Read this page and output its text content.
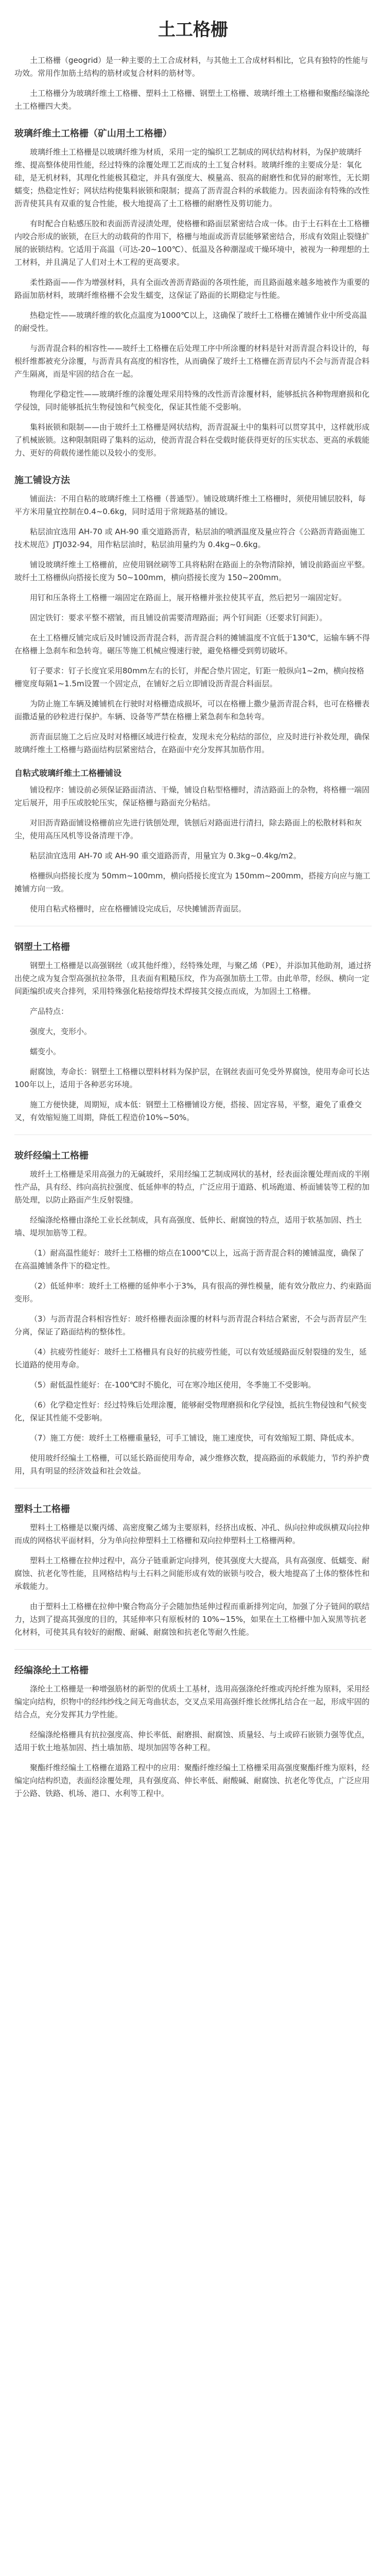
土工格栅

土工格栅（geogrid）是一种主要的土工合成材料，与其他土工合成材料相比，它具有独特的性能与功效。常用作加筋土结构的筋材或复合材料的筋材等。

土工格栅分为玻璃纤维土工格栅、塑料土工格栅、钢塑土工格栅、玻璃纤维土工格栅和聚酯经编涤纶土工格栅四大类。

玻璃纤维土工格栅（矿山用土工格栅）

玻璃纤维土工格栅是以玻璃纤维为材质，采用一定的编织工艺制成的网状结构材料，为保护玻璃纤维、提高整体使用性能，经过特殊的涂覆处理工艺而成的土工复合材料。玻璃纤维的主要成分是：氧化硅，是无机材料，其理化性能极其稳定，并具有强度大、模量高、很高的耐磨性和优异的耐寒性，无长期蠕变；热稳定性好；网状结构使集料嵌锁和限制；提高了沥青混合料的承载能力。因表面涂有特殊的改性沥青使其具有双重的复合性能，极大地提高了土工格栅的耐磨性及剪切能力。

有时配合自粘感压胶和表面沥青浸渍处理，使格栅和路面层紧密结合成一体。由于土石料在土工格栅内咬合形成的嵌锁，在巨大的动载荷的作用下，格栅与地面或沥青层能够紧密结合，形成有效阻止裂缝扩展的嵌锁结构。它适用于高温（可达-20~100℃）、低温及各种潮湿或干燥环境中，被视为一种理想的土工材料，并且满足了人们对土木工程的更高要求。

柔性路面——作为增强材料，具有全面改善沥青路面的各项性能，而且路面越来越多地被作为重要的路面加筋材料，玻璃纤维格栅不会发生蠕变，这保证了路面的长期稳定与性能。

热稳定性——玻璃纤维的软化点温度为1000℃以上，这确保了玻纤土工格栅在摊铺作业中所受高温的耐受性。

与沥青混合料的相容性——玻纤土工格栅在后处理工序中所涂覆的材料是针对沥青混合料设计的，每根纤维都被充分涂覆，与沥青具有高度的相容性，从而确保了玻纤土工格栅在沥青层内不会与沥青混合料产生隔离，而是牢固的结合在一起。

物理化学稳定性——玻璃纤维的涂覆处理采用特殊的改性沥青涂覆材料，能够抵抗各种物理磨损和化学侵蚀，同时能够抵抗生物侵蚀和气候变化，保证其性能不受影响。

集料嵌锁和限制——由于玻纤土工格栅是网状结构，沥青混凝土中的集料可以贯穿其中，这样就形成了机械嵌锁。这种限制阻碍了集料的运动，使沥青混合料在受载时能获得更好的压实状态、更高的承载能力、更好的荷载传递性能以及较小的变形。

施工铺设方法

铺面法：不用自粘的玻璃纤维土工格栅（普通型）。铺设玻璃纤维土工格栅时，须使用铺层胶料，每平方米用量宜控制在0.4~0.6kg，同时适用于常规路基的铺设。

粘层油宜选用 AH-70 或 AH-90 重交道路沥青，粘层油的喷洒温度及量应符合《公路沥青路面施工技术规范》JTJ032-94，用作粘层油时，粘层油用量约为 0.4kg~0.6kg。

铺设玻璃纤维土工格栅前，应使用钢丝刷等工具将粘附在路面上的杂物清除掉，铺设前路面应平整。玻纤土工格栅纵向搭接长度为 50~100mm，横向搭接长度为 150~200mm。

用钉和压条将土工格栅一端固定在路面上，展开格栅并张拉使其平直，然后把另一端固定好。

固定铁钉：要求平整不褶皱，而且铺设前需要清理路面；两个钉间距（还要求钉间距）。

在土工格栅反铺完成后及时铺设沥青混合料，沥青混合料的摊铺温度不宜低于130℃，运输车辆不得在格栅上急刹车和急转弯。碾压等施工机械应慢速行驶，避免格栅受到剪切破坏。

钉子要求：钉子长度宜采用80mm左右的长钉，并配合垫片固定，钉距一般纵向1~2m，横向按格栅宽度每隔1~1.5m设置一个固定点，在铺好之后立即铺设沥青混合料面层。

为防止施工车辆及摊铺机在行驶时对格栅造成损坏，可以在格栅上撒少量沥青混合料，也可在格栅表面撒适量的砂粒进行保护。车辆、设备等严禁在格栅上紧急刹车和急转弯。

沥青面层施工之后应及时对格栅区域进行检查，发现未充分粘结的部位，应及时进行补救处理，确保玻璃纤维土工格栅与路面结构层紧密结合，在路面中充分发挥其加筋作用。

自粘式玻璃纤维土工格栅铺设

铺设程序：铺设前必须保证路面清洁、干燥，铺设自粘型格栅时，清洁路面上的杂物，将格栅一端固定后展开，用手压或胶轮压实，保证格栅与路面充分粘结。

对旧沥青路面铺设格栅前应先进行铣刨处理，铣刨后对路面进行清扫，除去路面上的松散材料和灰尘，使用高压风机等设备清理干净。

粘层油宜选用 AH-70 或 AH-90 重交道路沥青，用量宜为 0.3kg~0.4kg/m2。

格栅纵向搭接长度为 50mm~100mm，横向搭接长度宜为 150mm~200mm，搭接方向应与施工摊铺方向一致。

使用自粘式格栅时，应在格栅铺设完成后，尽快摊铺沥青面层。

钢塑土工格栅

钢塑土工格栅是以高强钢丝（或其他纤维），经特殊处理，与聚乙烯（PE），并添加其他助剂，通过挤出使之成为复合型高强抗拉条带，且表面有粗糙压纹，作为高强加筋土工带。由此单带，经纵、横向一定间距编织或夹合排列，采用特殊强化粘接熔焊技术焊接其交接点而成，为加固土工格栅。

产品特点：

强度大，变形小。

蠕变小。

耐腐蚀，寿命长：钢塑土工格栅以塑料材料为保护层，在钢丝表面可免受外界腐蚀，使用寿命可长达100年以上，适用于各种恶劣环境。

施工方便快捷，周期短，成本低：钢塑土工格栅铺设方便，搭接、固定容易，平整，避免了重叠交叉，有效缩短施工周期，降低工程造价10%~50%。

玻纤经编土工格栅

玻纤土工格栅是采用高强力的无碱玻纤，采用经编工艺制成网状的基材，经表面涂覆处理而成的半刚性产品，具有经、纬向高抗拉强度、低延伸率的特点，广泛应用于道路、机场跑道、桥面铺装等工程的加筋处理，以防止路面产生反射裂缝。

经编涤纶格栅由涤纶工业长丝制成，具有高强度、低伸长、耐腐蚀的特点，适用于软基加固、挡土墙、堤坝加筋等工程。

（1）耐高温性能好：玻纤土工格栅的熔点在1000℃以上，远高于沥青混合料的摊铺温度，确保了在高温摊铺条件下的稳定性。

（2）低延伸率：玻纤土工格栅的延伸率小于3%，具有很高的弹性模量，能有效分散应力、约束路面变形。

（3）与沥青混合料相容性好：玻纤格栅表面涂覆的材料与沥青混合料结合紧密，不会与沥青层产生分离，保证了路面结构的整体性。

（4）抗疲劳性能好：玻纤土工格栅具有良好的抗疲劳性能，可以有效延缓路面反射裂缝的发生，延长道路的使用寿命。

（5）耐低温性能好：在-100℃时不脆化，可在寒冷地区使用，冬季施工不受影响。

（6）化学稳定性好：经过特殊后处理涂覆，能够耐受物理磨损和化学侵蚀，抵抗生物侵蚀和气候变化，保证其性能不受影响。

（7）施工方便：玻纤土工格栅重量轻，可手工铺设，施工速度快，可有效缩短工期、降低成本。

使用玻纤经编土工格栅，可以延长路面使用寿命，减少维修次数，提高路面的承载能力，节约养护费用，具有明显的经济效益和社会效益。

塑料土工格栅

塑料土工格栅是以聚丙烯、高密度聚乙烯为主要原料，经挤出成板、冲孔、纵向拉伸或纵横双向拉伸而成的网格状平面材料，分为单向拉伸塑料土工格栅和双向拉伸塑料土工格栅两种。

塑料土工格栅在拉伸过程中，高分子链重新定向排列，使其强度大大提高，具有高强度、低蠕变、耐腐蚀、抗老化等性能，且网格结构与土石料之间能形成有效的嵌锁与咬合，极大地提高了土体的整体性和承载能力。

由于塑料土工格栅在拉伸中聚合物高分子会随加热延伸过程而重新排列定向，加强了分子链间的联结力，达到了提高其强度的目的，其延伸率只有原板材的 10%~15%，如果在土工格栅中加入炭黑等抗老化材料，可使其具有较好的耐酸、耐碱、耐腐蚀和抗老化等耐久性能。

经编涤纶土工格栅

涤纶土工格栅是一种增强筋材的新型的优质土工基材，选用高强涤纶纤维或丙纶纤维为原料，采用经编定向结构，织物中的经纬纱线之间无弯曲状态，交叉点采用高强纤维长丝绑扎结合在一起，形成牢固的结合点，充分发挥其力学性能。

经编涤纶格栅具有抗拉强度高、伸长率低、耐磨损、耐腐蚀、质量轻、与土或碎石嵌锁力强等优点，适用于软土地基加固、挡土墙加筋、堤坝加固等各种工程。

聚酯纤维经编土工格栅在道路工程中的应用：聚酯纤维经编土工格栅采用高强度聚酯纤维为原料，经编定向结构织造，表面经涂覆处理，具有强度高、伸长率低、耐酸碱、耐腐蚀、抗老化等优点，广泛应用于公路、铁路、机场、港口、水利等工程中。
